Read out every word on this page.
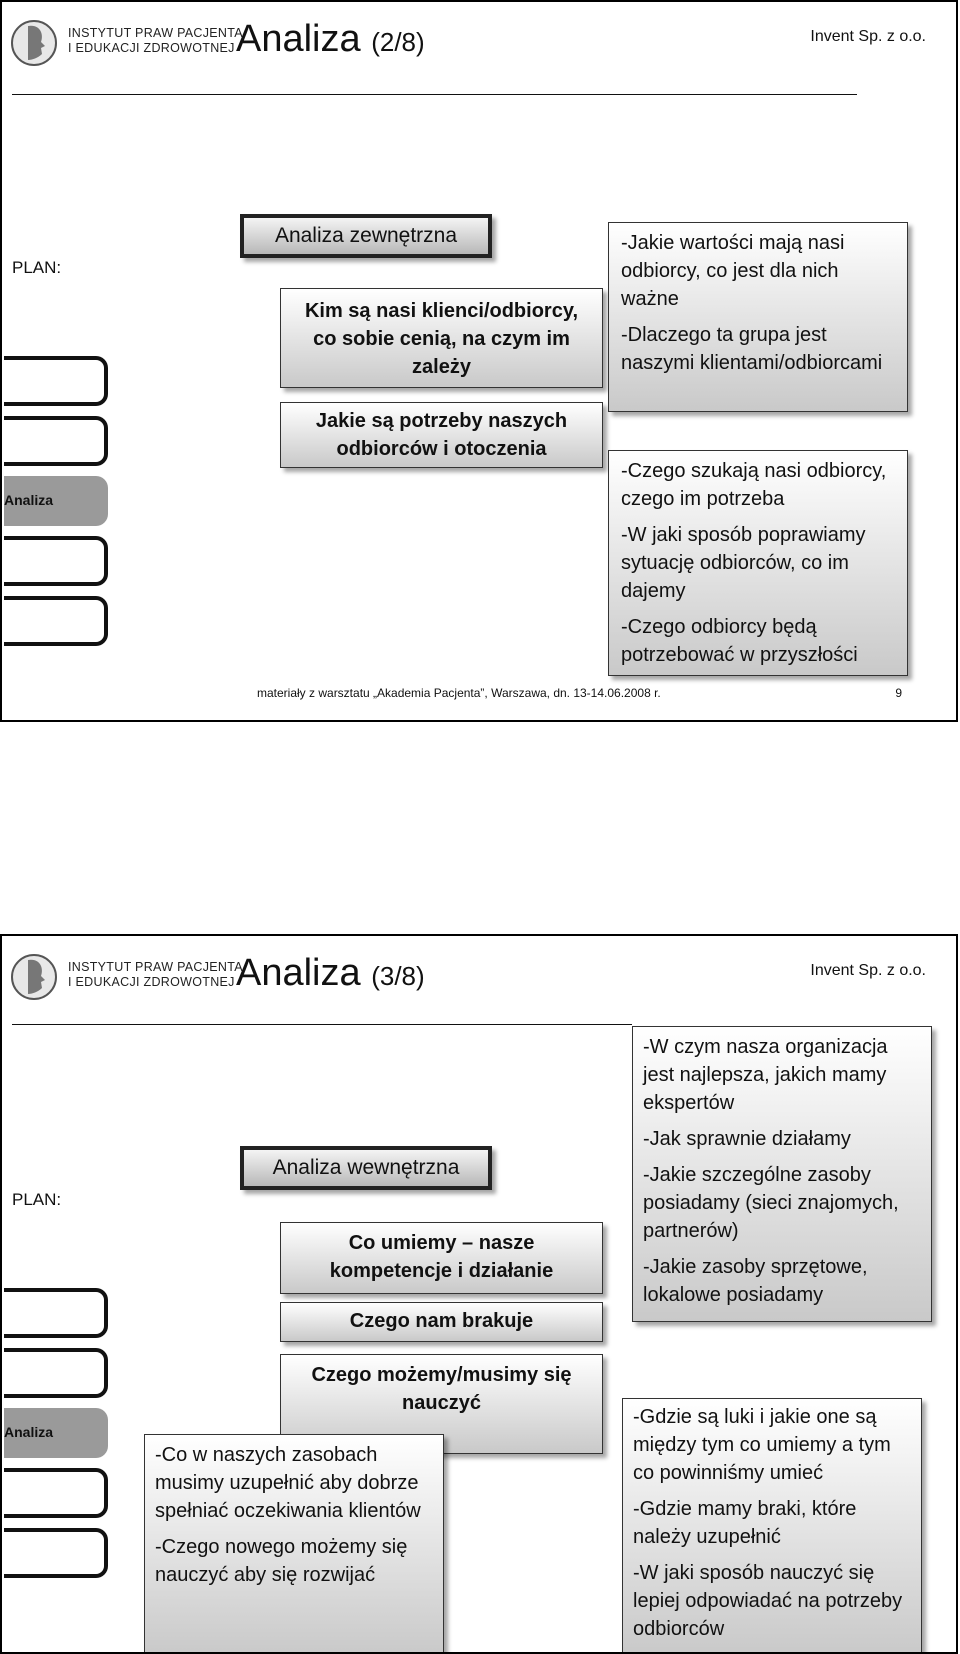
INSTYTUT PRAW PACJENTA
I EDUKACJI ZDROWOTNEJ Analiza (2/8)	Invent Sp. z o.o.
PLAN:
Analiza
Analiza zewnętrzna
Kim są nasi klienci/odbiorcy, co sobie cenią, na czym im zależy
Jakie są potrzeby naszych odbiorców i otoczenia

-Jakie wartości mają nasi odbiorcy, co jest dla nich ważne

-Dlaczego ta grupa jest naszymi klientami/odbiorcami

-Czego szukają nasi odbiorcy, czego im potrzeba

-W jaki sposób poprawiamy sytuację odbiorców, co im dajemy

-Czego odbiorcy będą potrzebować w przyszłości

materiały z warsztatu „Akademia Pacjenta”, Warszawa, dn. 13-14.06.2008 r.	9
INSTYTUT PRAW PACJENTA
I EDUKACJI ZDROWOTNEJ Analiza (3/8)	Invent Sp. z o.o.
PLAN:
Analiza
Analiza wewnętrzna
Co umiemy – nasze kompetencje i działanie
Czego nam brakuje
Czego możemy/musimy się nauczyć

-W czym nasza organizacja jest najlepsza, jakich mamy ekspertów

-Jak sprawnie działamy

-Jakie szczególne zasoby posiadamy (sieci znajomych, partnerów)

-Jakie zasoby sprzętowe, lokalowe posiadamy

-Co w naszych zasobach musimy uzupełnić aby dobrze spełniać oczekiwania klientów

-Czego nowego możemy się nauczyć aby się rozwijać

-Gdzie są luki i jakie one są między tym co umiemy a tym co powinniśmy umieć

-Gdzie mamy braki, które należy uzupełnić

-W jaki sposób nauczyć się lepiej odpowiadać na potrzeby odbiorców
